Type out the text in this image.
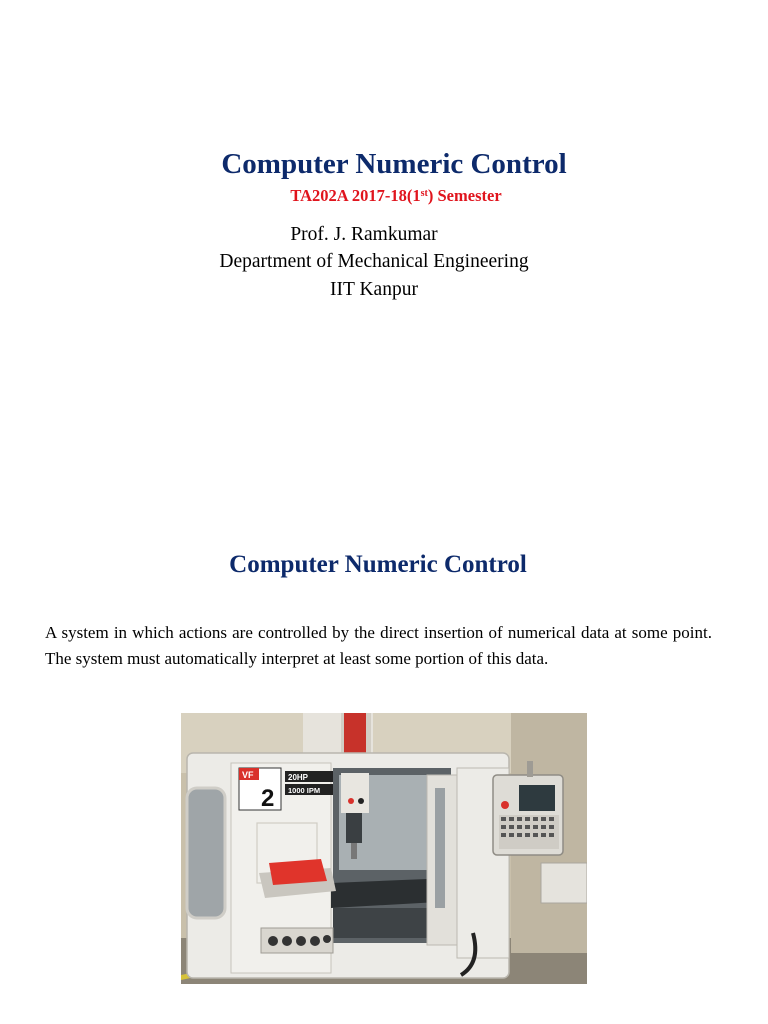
Computer Numeric Control
TA202A 2017-18(1st) Semester
Prof. J. Ramkumar
Department of Mechanical Engineering
IIT Kanpur
Computer Numeric Control
A system in which actions are controlled by the direct insertion of numerical data at some point. The system must automatically interpret at least some portion of this data.
VF
2
20HP
1000 IPM
